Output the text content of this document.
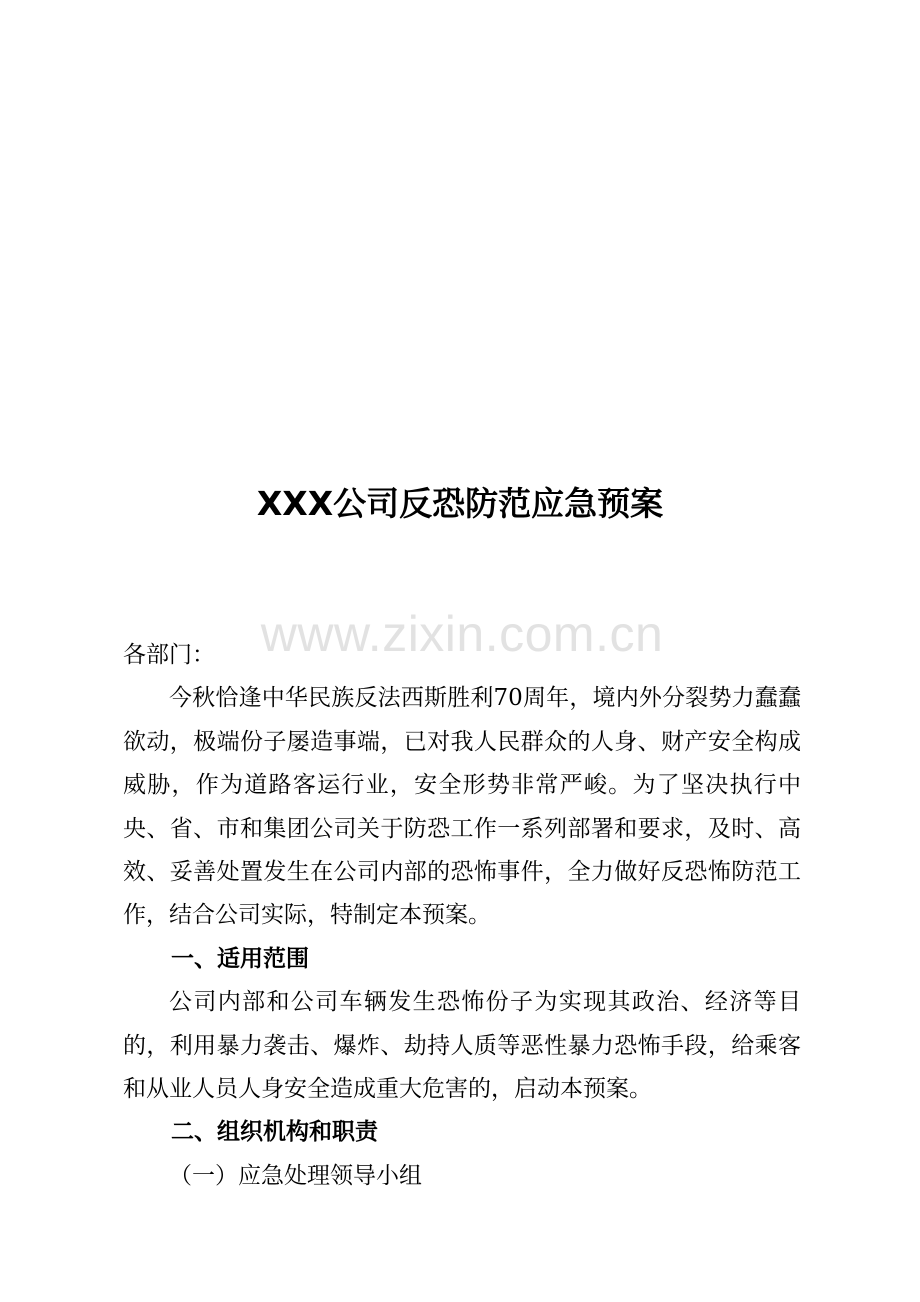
XXX公司反恐防范应急预案
www.zixin.com.cn

各部门：

今秋恰逢中华民族反法西斯胜利70周年，境内外分裂势力蠢蠢欲动，极端份子屡造事端，已对我人民群众的人身、财产安全构成威胁，作为道路客运行业，安全形势非常严峻。为了坚决执行中央、省、市和集团公司关于防恐工作一系列部署和要求，及时、高效、妥善处置发生在公司内部的恐怖事件，全力做好反恐怖防范工作，结合公司实际，特制定本预案。

一、适用范围

公司内部和公司车辆发生恐怖份子为实现其政治、经济等目的，利用暴力袭击、爆炸、劫持人质等恶性暴力恐怖手段，给乘客和从业人员人身安全造成重大危害的，启动本预案。

二、组织机构和职责

（一）应急处理领导小组
